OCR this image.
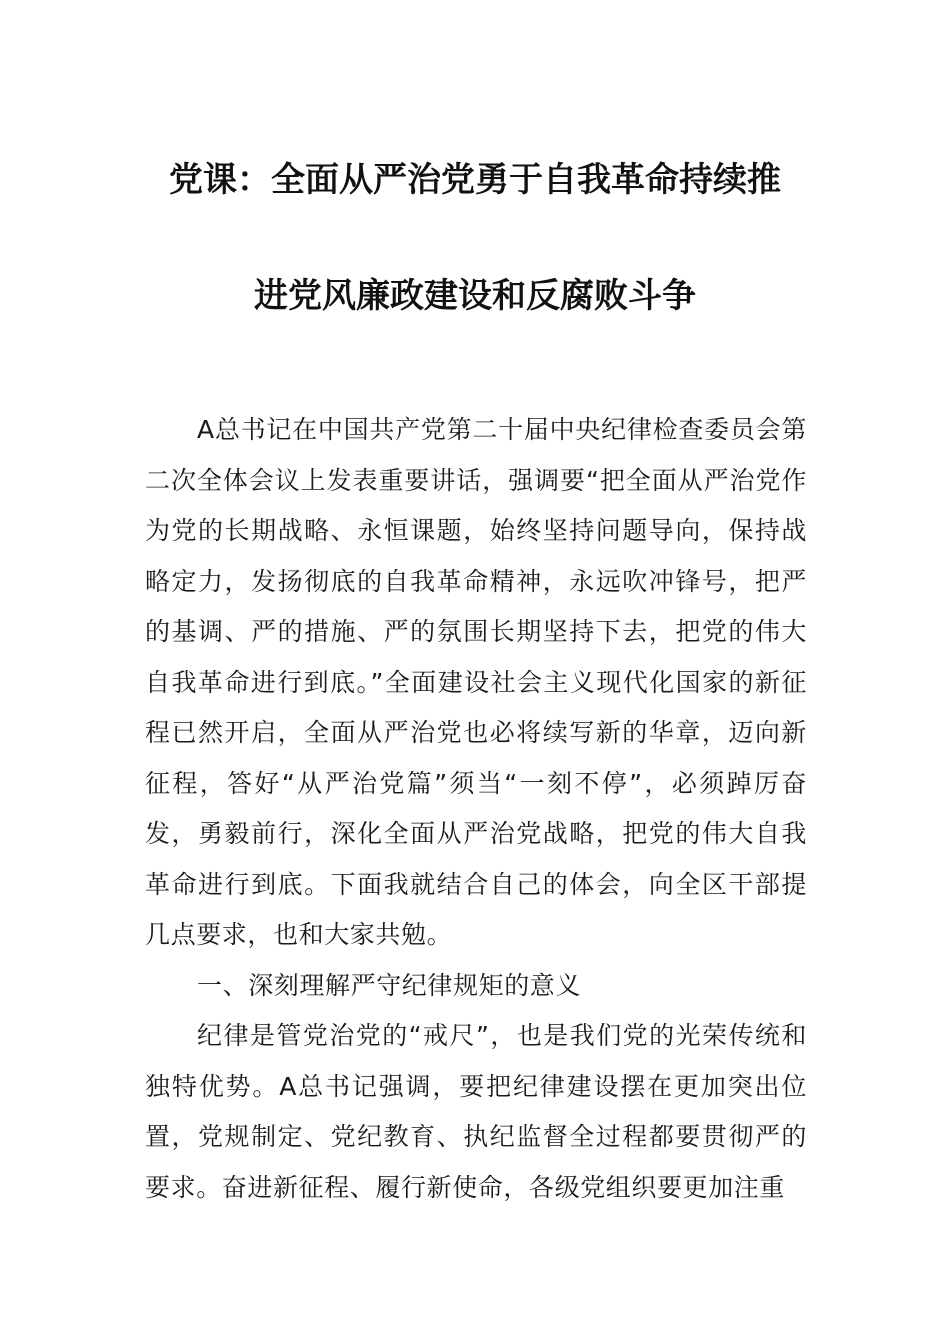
党课：全面从严治党勇于自我革命持续推
进党风廉政建设和反腐败斗争

A总书记在中国共产党第二十届中央纪律检查委员会第二次全体会议上发表重要讲话，强调要“把全面从严治党作为党的长期战略、永恒课题，始终坚持问题导向，保持战略定力，发扬彻底的自我革命精神，永远吹冲锋号，把严的基调、严的措施、严的氛围长期坚持下去，把党的伟大自我革命进行到底。”全面建设社会主义现代化国家的新征程已然开启，全面从严治党也必将续写新的华章，迈向新征程，答好“从严治党篇”须当“一刻不停”，必须踔厉奋发，勇毅前行，深化全面从严治党战略，把党的伟大自我革命进行到底。下面我就结合自己的体会，向全区干部提几点要求，也和大家共勉。

一、深刻理解严守纪律规矩的意义

纪律是管党治党的“戒尺”，也是我们党的光荣传统和独特优势。A总书记强调，要把纪律建设摆在更加突出位置，党规制定、党纪教育、执纪监督全过程都要贯彻严的要求。奋进新征程、履行新使命，各级党组织要更加注重
